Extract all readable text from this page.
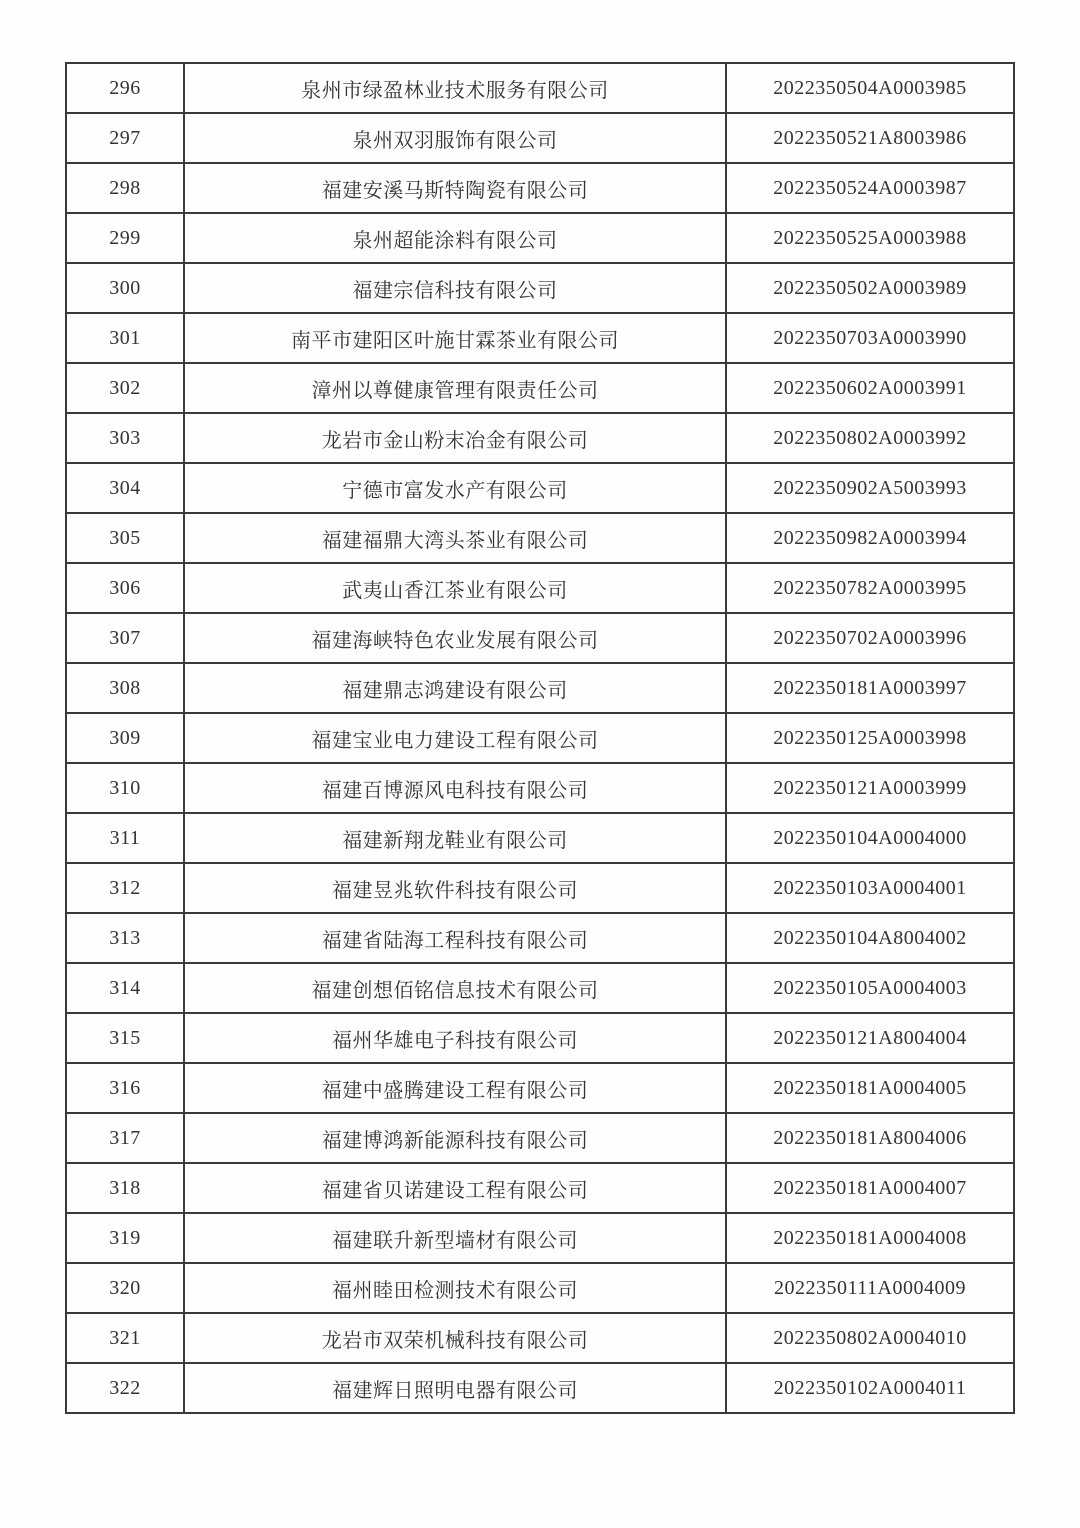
296	泉州市绿盈林业技术服务有限公司	2022350504A0003985
297	泉州双羽服饰有限公司	2022350521A8003986
298	福建安溪马斯特陶瓷有限公司	2022350524A0003987
299	泉州超能涂料有限公司	2022350525A0003988
300	福建宗信科技有限公司	2022350502A0003989
301	南平市建阳区叶施甘霖茶业有限公司	2022350703A0003990
302	漳州以尊健康管理有限责任公司	2022350602A0003991
303	龙岩市金山粉末冶金有限公司	2022350802A0003992
304	宁德市富发水产有限公司	2022350902A5003993
305	福建福鼎大湾头茶业有限公司	2022350982A0003994
306	武夷山香江茶业有限公司	2022350782A0003995
307	福建海峡特色农业发展有限公司	2022350702A0003996
308	福建鼎志鸿建设有限公司	2022350181A0003997
309	福建宝业电力建设工程有限公司	2022350125A0003998
310	福建百博源风电科技有限公司	2022350121A0003999
311	福建新翔龙鞋业有限公司	2022350104A0004000
312	福建昱兆软件科技有限公司	2022350103A0004001
313	福建省陆海工程科技有限公司	2022350104A8004002
314	福建创想佰铭信息技术有限公司	2022350105A0004003
315	福州华雄电子科技有限公司	2022350121A8004004
316	福建中盛腾建设工程有限公司	2022350181A0004005
317	福建博鸿新能源科技有限公司	2022350181A8004006
318	福建省贝诺建设工程有限公司	2022350181A0004007
319	福建联升新型墙材有限公司	2022350181A0004008
320	福州睦田检测技术有限公司	2022350111A0004009
321	龙岩市双荣机械科技有限公司	2022350802A0004010
322	福建辉日照明电器有限公司	2022350102A0004011
